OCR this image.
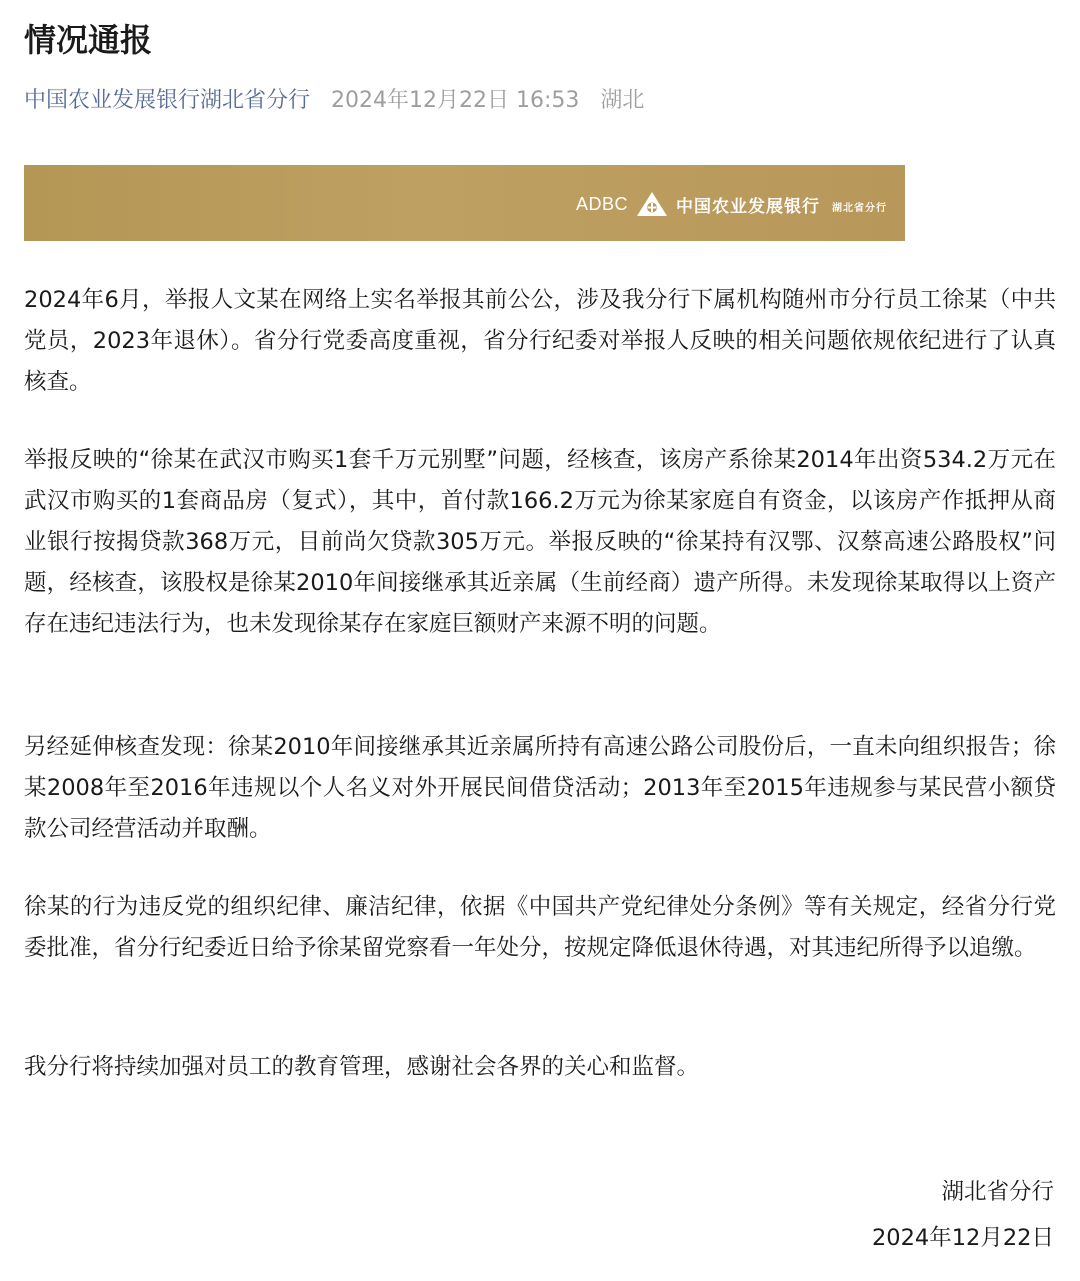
情况通报
中国农业发展银行湖北省分行 2024年12月22日 16:53 湖北
ADBC	中国农业发展银行 湖北省分行

2024年6月，举报人文某在网络上实名举报其前公公，涉及我分行下属机构随州市分行员工徐某（中共党员，2023年退休）。省分行党委高度重视，省分行纪委对举报人反映的相关问题依规依纪进行了认真核查。

举报反映的“徐某在武汉市购买1套千万元别墅”问题，经核查，该房产系徐某2014年出资534.2万元在武汉市购买的1套商品房（复式），其中，首付款166.2万元为徐某家庭自有资金，以该房产作抵押从商业银行按揭贷款368万元，目前尚欠贷款305万元。举报反映的“徐某持有汉鄂、汉蔡高速公路股权”问题，经核查，该股权是徐某2010年间接继承其近亲属（生前经商）遗产所得。未发现徐某取得以上资产存在违纪违法行为，也未发现徐某存在家庭巨额财产来源不明的问题。

另经延伸核查发现：徐某2010年间接继承其近亲属所持有高速公路公司股份后，一直未向组织报告；徐某2008年至2016年违规以个人名义对外开展民间借贷活动；2013年至2015年违规参与某民营小额贷款公司经营活动并取酬。

徐某的行为违反党的组织纪律、廉洁纪律，依据《中国共产党纪律处分条例》等有关规定，经省分行党委批准，省分行纪委近日给予徐某留党察看一年处分，按规定降低退休待遇，对其违纪所得予以追缴。

我分行将持续加强对员工的教育管理，感谢社会各界的关心和监督。

湖北省分行
2024年12月22日
